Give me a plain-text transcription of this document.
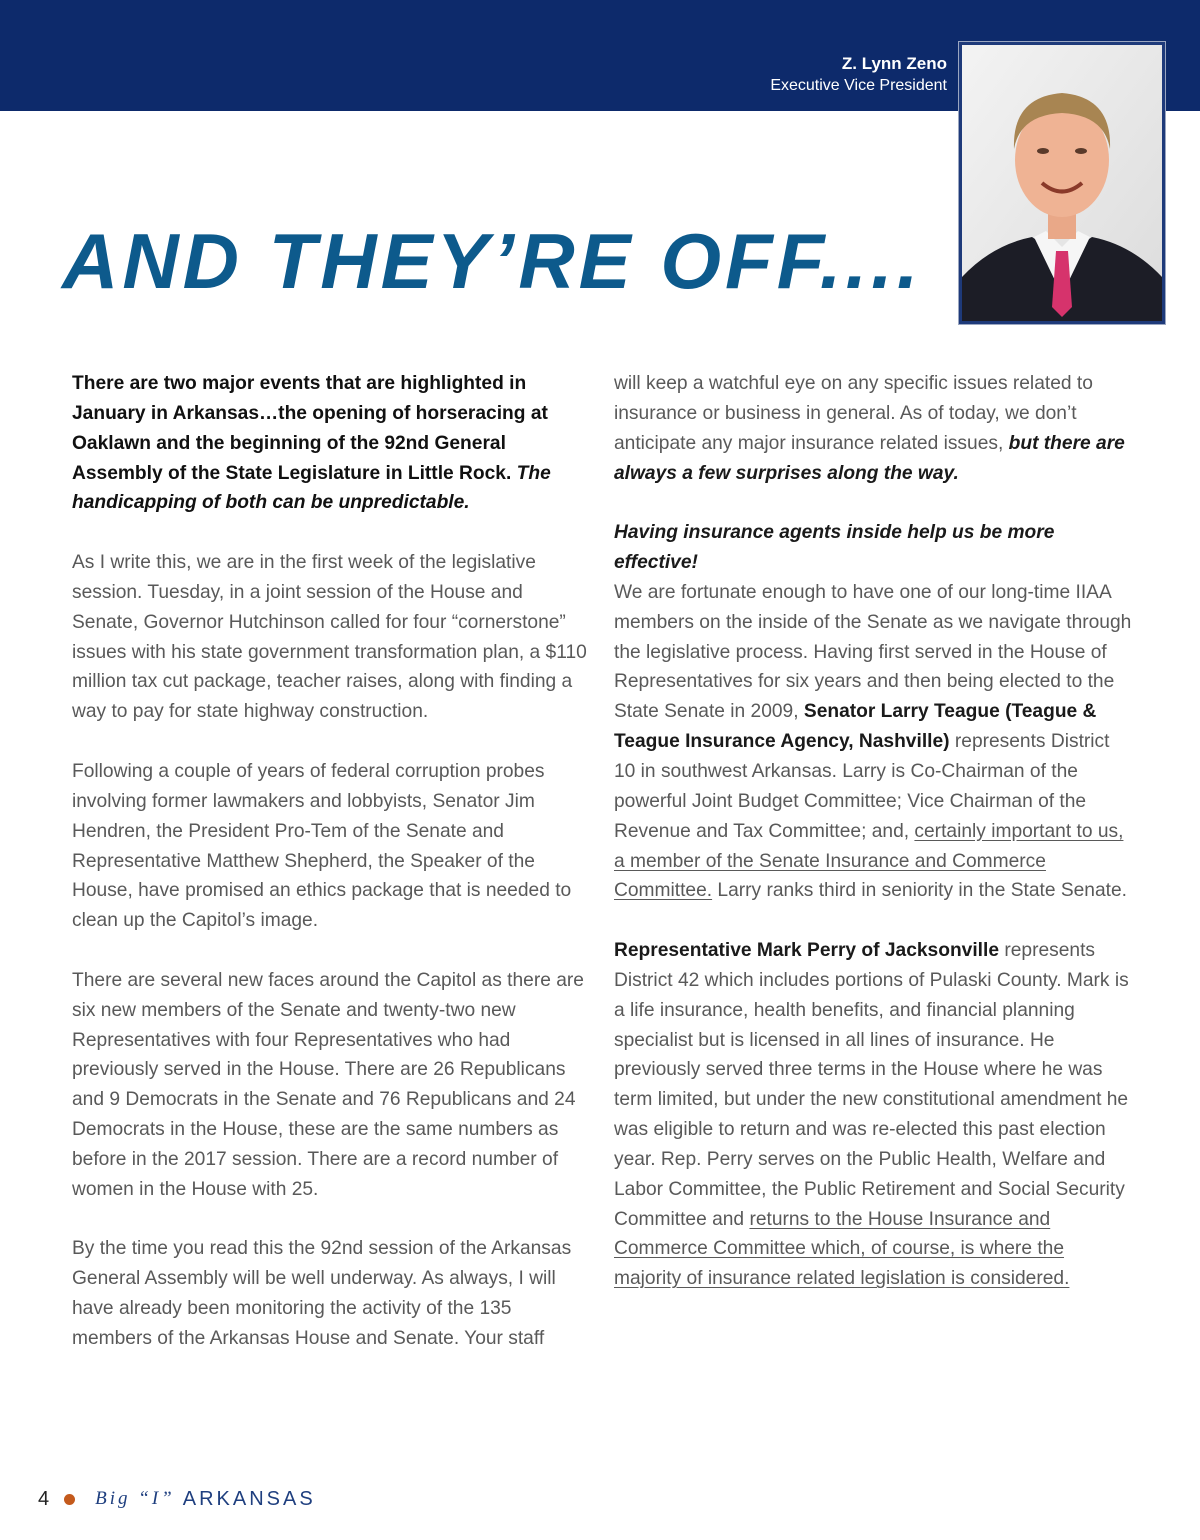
Z. Lynn Zeno
Executive Vice President
AND THEY’RE OFF....

There are two major events that are highlighted in January in Arkansas…the opening of horseracing at Oaklawn and the beginning of the 92nd General Assembly of the State Legislature in Little Rock. The handicapping of both can be unpredictable.

As I write this, we are in the first week of the legislative session. Tuesday, in a joint session of the House and Senate, Governor Hutchinson called for four “cornerstone” issues with his state government transformation plan, a $110 million tax cut package, teacher raises, along with finding a way to pay for state highway construction.

Following a couple of years of federal corruption probes involving former lawmakers and lobbyists, Senator Jim Hendren, the President Pro-Tem of the Senate and Representative Matthew Shepherd, the Speaker of the House, have promised an ethics package that is needed to clean up the Capitol’s image.

There are several new faces around the Capitol as there are six new members of the Senate and twenty-two new Representatives with four Representatives who had previously served in the House. There are 26 Republicans and 9 Democrats in the Senate and 76 Republicans and 24 Democrats in the House, these are the same numbers as before in the 2017 session. There are a record number of women in the House with 25.

By the time you read this the 92nd session of the Arkansas General Assembly will be well underway. As always, I will have already been monitoring the activity of the 135 members of the Arkansas House and Senate. Your staff

will keep a watchful eye on any specific issues related to insurance or business in general. As of today, we don’t anticipate any major insurance related issues, but there are always a few surprises along the way.

Having insurance agents inside help us be more effective!

We are fortunate enough to have one of our long-time IIAA members on the inside of the Senate as we navigate through the legislative process. Having first served in the House of Representatives for six years and then being elected to the State Senate in 2009, Senator Larry Teague (Teague & Teague Insurance Agency, Nashville) represents District 10 in southwest Arkansas. Larry is Co-Chairman of the powerful Joint Budget Committee; Vice Chairman of the Revenue and Tax Committee; and, certainly important to us, a member of the Senate Insurance and Commerce Committee. Larry ranks third in seniority in the State Senate.

Representative Mark Perry of Jacksonville represents District 42 which includes portions of Pulaski County. Mark is a life insurance, health benefits, and financial planning specialist but is licensed in all lines of insurance. He previously served three terms in the House where he was term limited, but under the new constitutional amendment he was eligible to return and was re-elected this past election year. Rep. Perry serves on the Public Health, Welfare and Labor Committee, the Public Retirement and Social Security Committee and returns to the House Insurance and Commerce Committee which, of course, is where the majority of insurance related legislation is considered.

4 Big “I” ARKANSAS
